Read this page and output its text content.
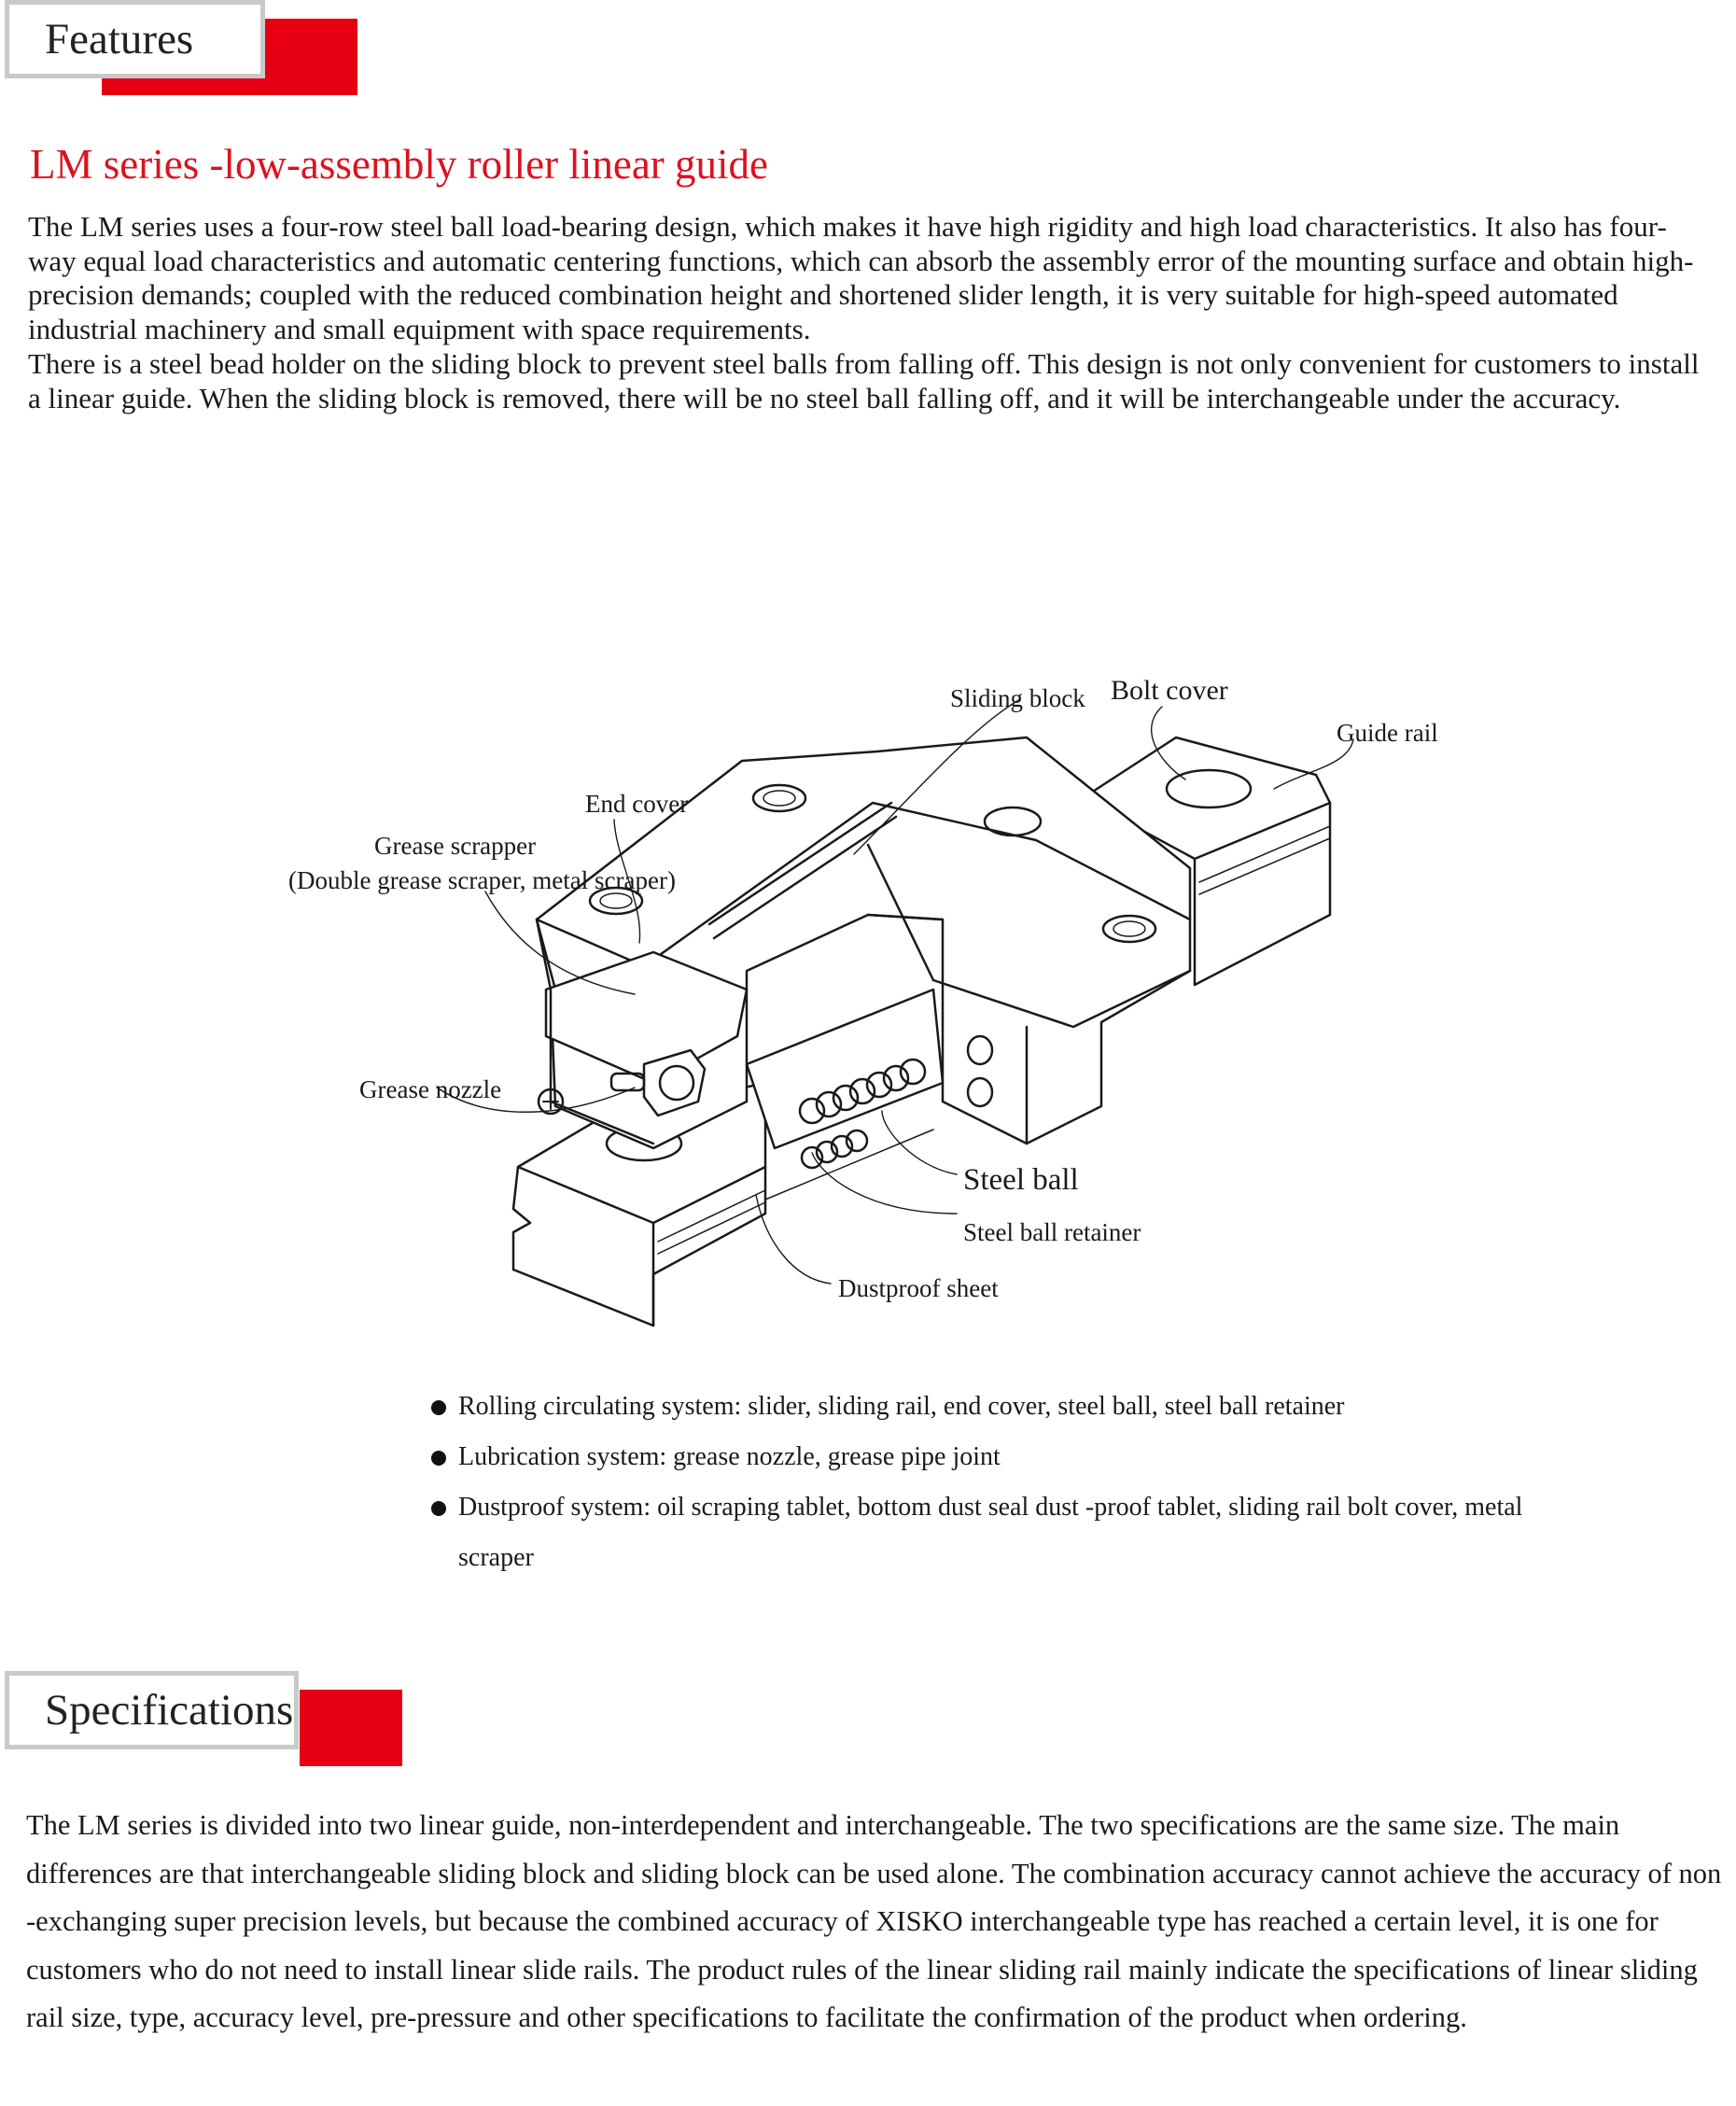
Features
LM series -low-assembly roller linear guide

The LM series uses a four-row steel ball load-bearing design, which makes it have high rigidity and high load characteristics. It also has four-way equal load characteristics and automatic centering functions, which can absorb the assembly error of the mounting surface and obtain high-precision demands; coupled with the reduced combination height and shortened slider length, it is very suitable for high-speed automated industrial machinery and small equipment with space requirements.

There is a steel bead holder on the sliding block to prevent steel balls from falling off. This design is not only convenient for customers to install a linear guide. When the sliding block is removed, there will be no steel ball falling off, and it will be interchangeable under the accuracy.

Sliding block Bolt cover
Guide rail
End cover
Grease scrapper
(Double grease scraper, metal scraper)
Grease nozzle
Steel ball
Steel ball retainer
Dustproof sheet
Rolling circulating system: slider, sliding rail, end cover, steel ball, steel ball retainer
Lubrication system: grease nozzle, grease pipe joint
Dustproof system: oil scraping tablet, bottom dust seal dust -proof tablet, sliding rail bolt cover, metal scraper
Specifications

The LM series is divided into two linear guide, non-interdependent and interchangeable. The two specifications are the same size. The main differences are that interchangeable sliding block and sliding block can be used alone. The combination accuracy cannot achieve the accuracy of non -exchanging super precision levels, but because the combined accuracy of XISKO interchangeable type has reached a certain level, it is one for customers who do not need to install linear slide rails. The product rules of the linear sliding rail mainly indicate the specifications of linear sliding rail size, type, accuracy level, pre-pressure and other specifications to facilitate the confirmation of the product when ordering.
